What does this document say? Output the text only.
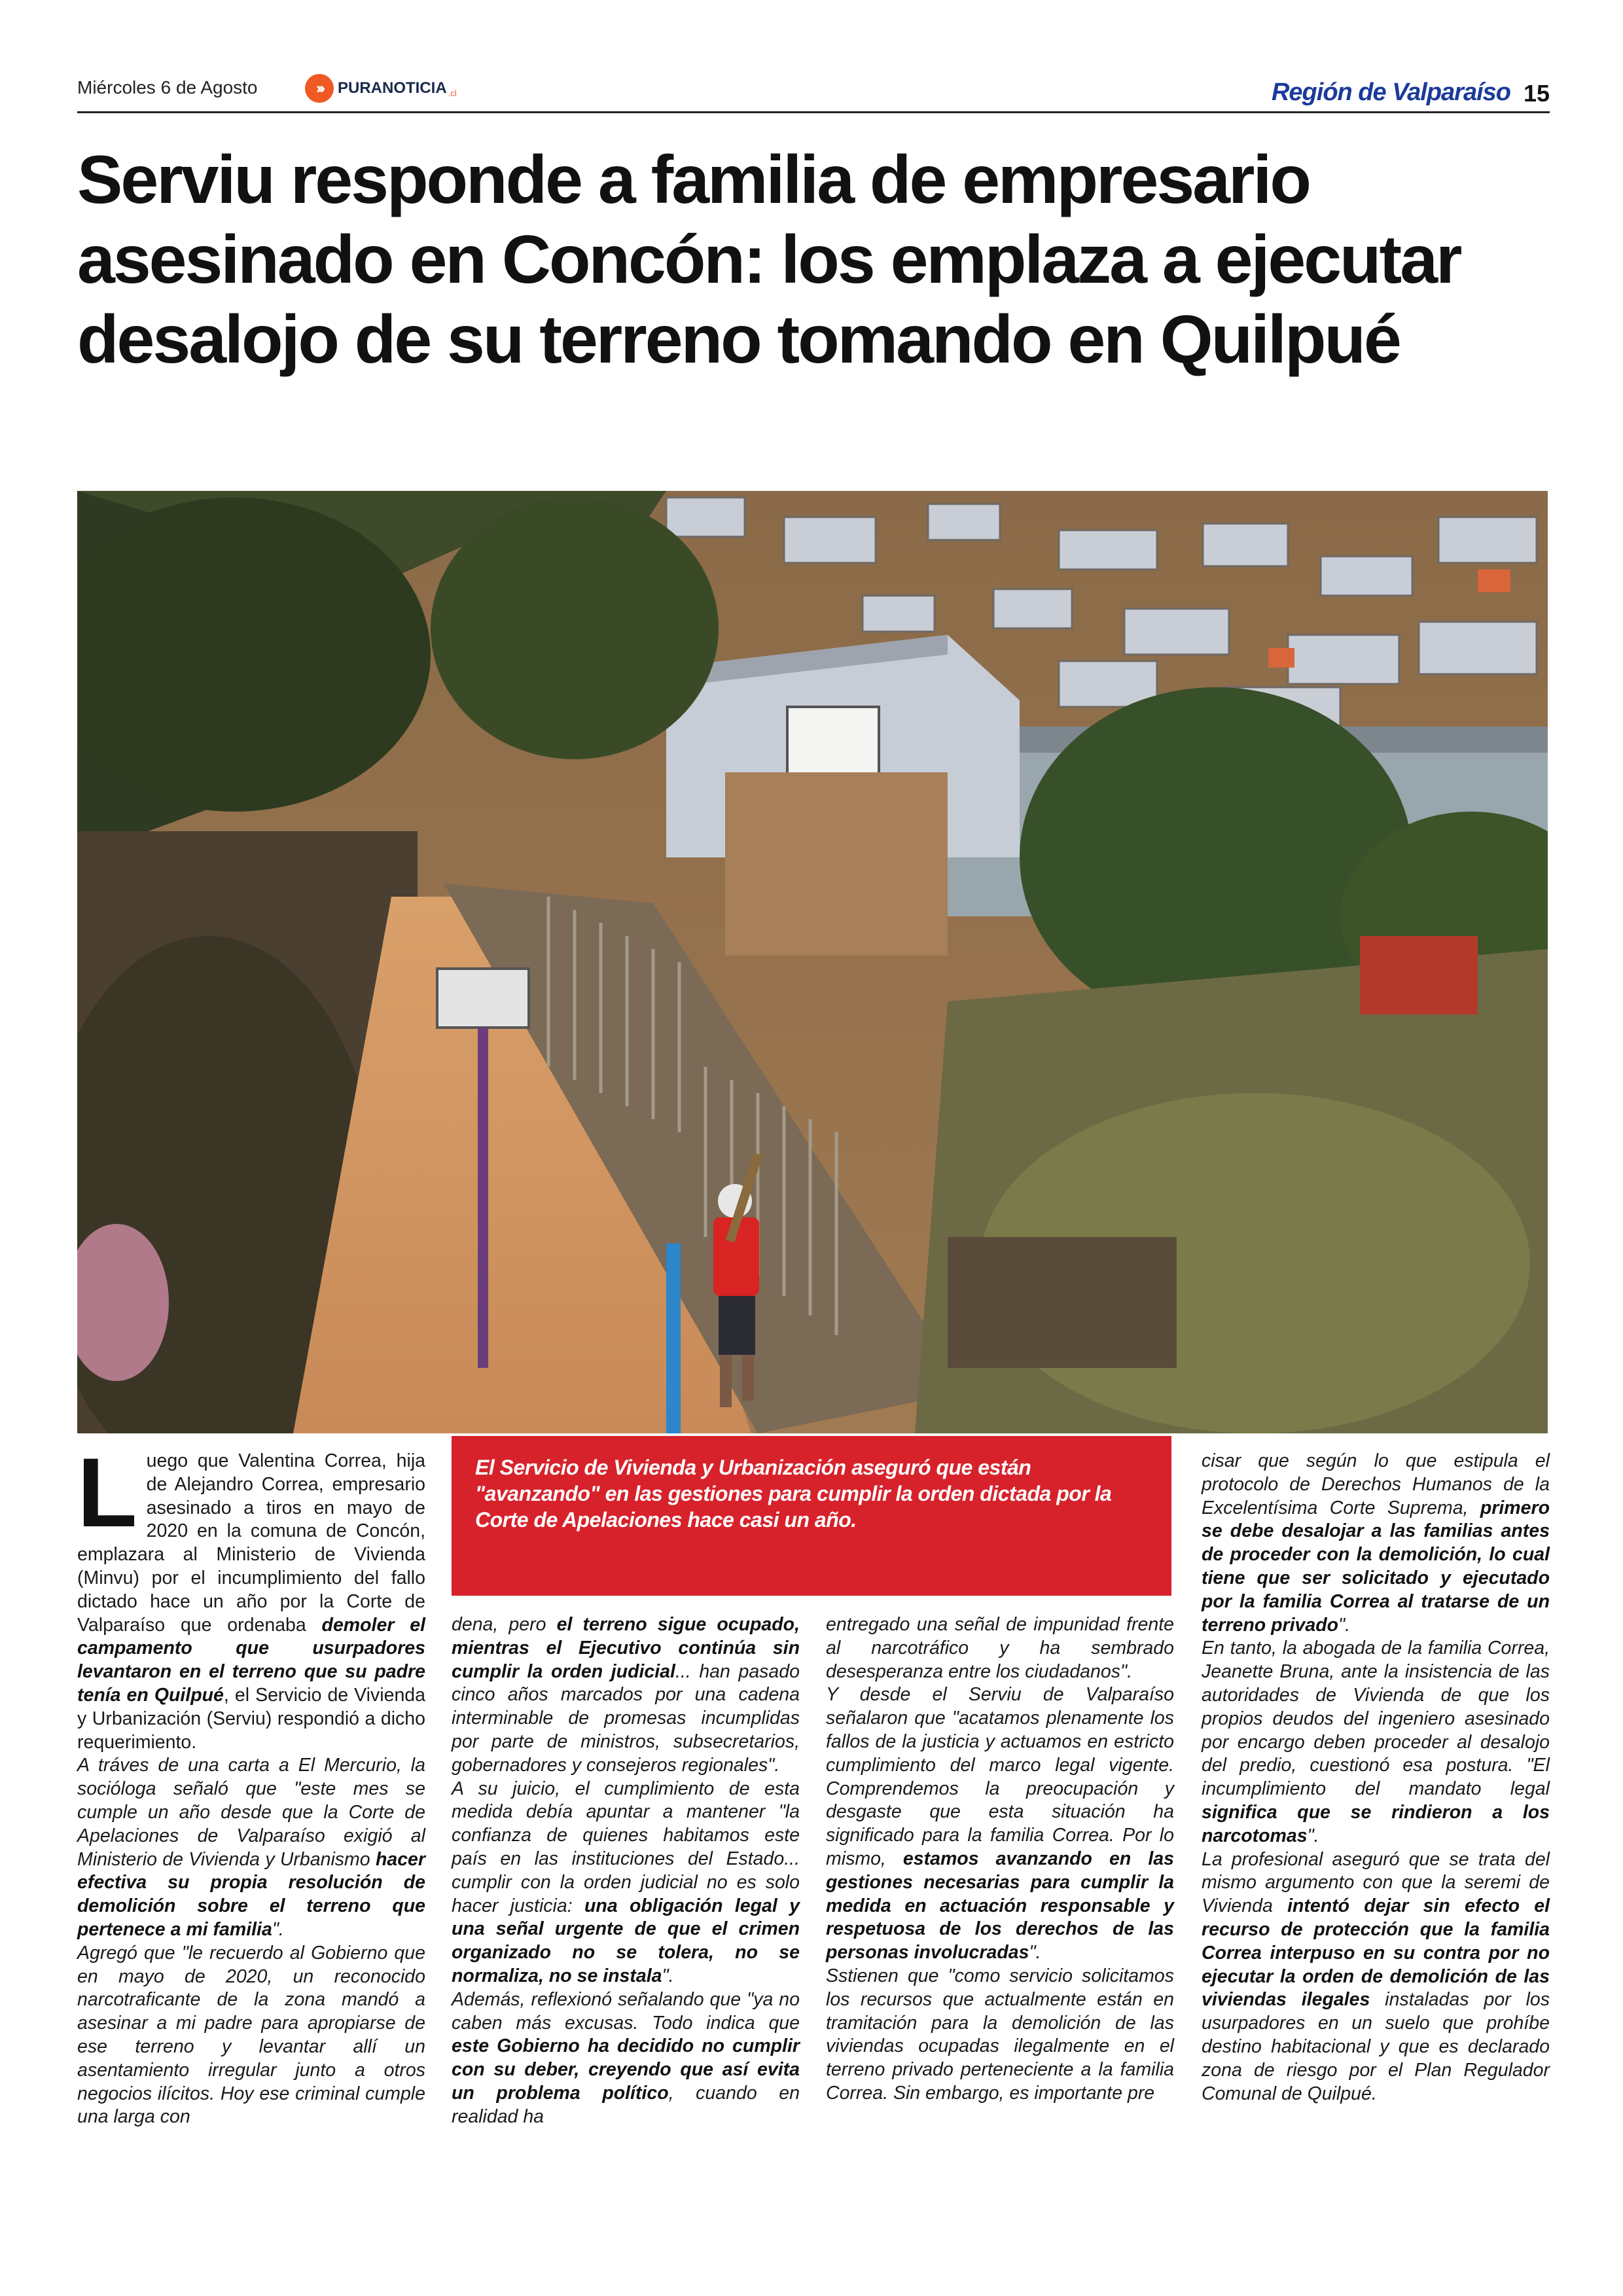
Miércoles 6 de Agosto	››› PURANOTICIA .cl	Región de Valparaíso 15
Serviu responde a familia de empresario asesinado en Concón: los emplaza a ejecutar desalojo de su terreno tomando en Quilpué
El Servicio de Vivienda y Urbanización aseguró que están "avanzando" en las gestiones para cumplir la orden dictada por la Corte de Apelaciones hace casi un año.
L uego que Valentina Correa, hija de Alejandro Correa, empresario asesinado a tiros en mayo de 2020 en la comuna de Concón, emplazara al Ministerio de Vivienda (Minvu) por el incumplimiento del fallo dictado hace un año por la Corte de Valparaíso que ordenaba demoler el campamento que usurpadores levantaron en el terreno que su padre tenía en Quilpué, el Servicio de Vivienda y Urbanización (Serviu) respondió a dicho requerimiento.
A tráves de una carta a El Mercurio, la socióloga señaló que "este mes se cumple un año desde que la Corte de Apelaciones de Valparaíso exigió al Ministerio de Vivienda y Urbanismo hacer efectiva su propia resolución de demolición sobre el terreno que pertenece a mi familia".
Agregó que "le recuerdo al Gobierno que en mayo de 2020, un reconocido narcotraficante de la zona mandó a asesinar a mi padre para apropiarse de ese terreno y levantar allí un asentamiento irregular junto a otros negocios ilícitos. Hoy ese criminal cumple una larga con

dena, pero el terreno sigue ocupado, mientras el Ejecutivo continúa sin cumplir la orden judicial... han pasado cinco años marcados por una cadena interminable de promesas incumplidas por parte de ministros, subsecretarios, gobernadores y consejeros regionales".
A su juicio, el cumplimiento de esta medida debía apuntar a mantener "la confianza de quienes habitamos este país en las instituciones del Estado... cumplir con la orden judicial no es solo hacer justicia: una obligación legal y una señal urgente de que el crimen organizado no se tolera, no se normaliza, no se instala".
Además, reflexionó señalando que "ya no caben más excusas. Todo indica que este Gobierno ha decidido no cumplir con su deber, creyendo que así evita un problema político, cuando en realidad ha

entregado una señal de impunidad frente al narcotráfico y ha sembrado desesperanza entre los ciudadanos".
Y desde el Serviu de Valparaíso señalaron que "acatamos plenamente los fallos de la justicia y actuamos en estricto cumplimiento del marco legal vigente. Comprendemos la preocupación y desgaste que esta situación ha significado para la familia Correa. Por lo mismo, estamos avanzando en las gestiones necesarias para cumplir la medida en actuación responsable y respetuosa de los derechos de las personas involucradas".
Sstienen que "como servicio solicitamos los recursos que actualmente están en tramitación para la demolición de las viviendas ocupadas ilegalmente en el terreno privado perteneciente a la familia Correa. Sin embargo, es importante pre

cisar que según lo que estipula el protocolo de Derechos Humanos de la Excelentísima Corte Suprema, primero se debe desalojar a las familias antes de proceder con la demolición, lo cual tiene que ser solicitado y ejecutado por la familia Correa al tratarse de un terreno privado".
En tanto, la abogada de la familia Correa, Jeanette Bruna, ante la insistencia de las autoridades de Vivienda de que los propios deudos del ingeniero asesinado por encargo deben proceder al desalojo del predio, cuestionó esa postura. "El incumplimiento del mandato legal significa que se rindieron a los narcotomas".
La profesional aseguró que se trata del mismo argumento con que la seremi de Vivienda intentó dejar sin efecto el recurso de protección que la familia Correa interpuso en su contra por no ejecutar la orden de demolición de las viviendas ilegales instaladas por los usurpadores en un suelo que prohíbe destino habitacional y que es declarado zona de riesgo por el Plan Regulador Comunal de Quilpué.
